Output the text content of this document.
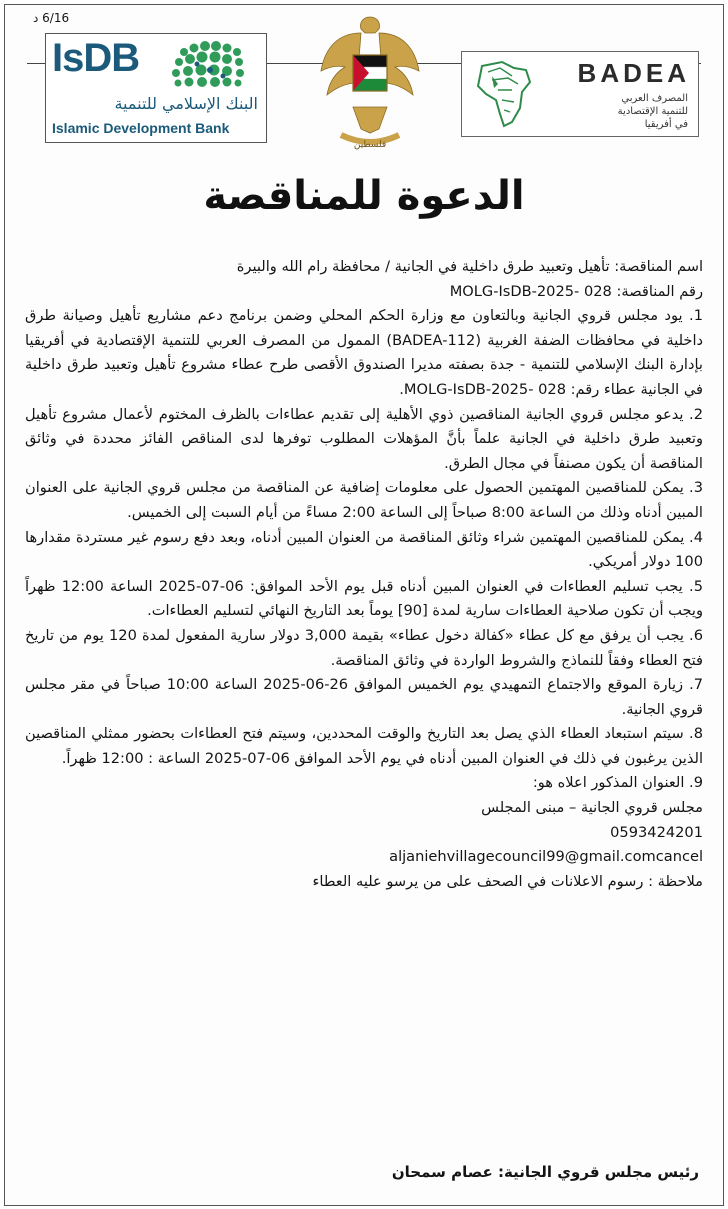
6/16 د
IsDB
البنك الإسلامي للتنمية
Islamic Development Bank
فلسطين
BADEA
المصرف العربي
للتنمية الإقتصادية
في أفريقيا
الدعوة للمناقصة

اسم المناقصة: تأهيل وتعبيد طرق داخلية في الجانية / محافظة رام الله والبيرة

رقم المناقصة: 028 -MOLG-IsDB-2025

1. يود مجلس قروي الجانية وبالتعاون مع وزارة الحكم المحلي وضمن برنامج دعم مشاريع تأهيل وصيانة طرق داخلية في محافظات الضفة الغربية (BADEA-112) الممول من المصرف العربي للتنمية الإقتصادية في أفريقيا بإدارة البنك الإسلامي للتنمية - جدة بصفته مديرا الصندوق الأقصى طرح عطاء مشروع تأهيل وتعبيد طرق داخلية في الجانية عطاء رقم: 028 -MOLG-IsDB-2025.

2. يدعو مجلس قروي الجانية المناقصين ذوي الأهلية إلى تقديم عطاءات بالظرف المختوم لأعمال مشروع تأهيل وتعبيد طرق داخلية في الجانية علماً بأنَّ المؤهلات المطلوب توفرها لدى المناقص الفائز محددة في وثائق المناقصة أن يكون مصنفاً في مجال الطرق.

3. يمكن للمناقصين المهتمين الحصول على معلومات إضافية عن المناقصة من مجلس قروي الجانية على العنوان المبين أدناه وذلك من الساعة 8:00 صباحاً إلى الساعة 2:00 مساءً من أيام السبت إلى الخميس.

4. يمكن للمناقصين المهتمين شراء وثائق المناقصة من العنوان المبين أدناه، وبعد دفع رسوم غير مستردة مقدارها 100 دولار أمريكي.

5. يجب تسليم العطاءات في العنوان المبين أدناه قبل يوم الأحد الموافق: 06-07-2025 الساعة 12:00 ظهراً ويجب أن تكون صلاحية العطاءات سارية لمدة [90] يوماً بعد التاريخ النهائي لتسليم العطاءات.

6. يجب أن يرفق مع كل عطاء «كفالة دخول عطاء» بقيمة 3,000 دولار سارية المفعول لمدة 120 يوم من تاريخ فتح العطاء وفقاً للنماذج والشروط الواردة في وثائق المناقصة.

7. زيارة الموقع والاجتماع التمهيدي يوم الخميس الموافق 26-06-2025 الساعة 10:00 صباحاً في مقر مجلس قروي الجانية.

8. سيتم استبعاد العطاء الذي يصل بعد التاريخ والوقت المحددين، وسيتم فتح العطاءات بحضور ممثلي المناقصين الذين يرغبون في ذلك في العنوان المبين أدناه في يوم الأحد الموافق 06-07-2025 الساعة : 12:00 ظهراً.

9. العنوان المذكور اعلاه هو:

مجلس قروي الجانية – مبنى المجلس

0593424201

aljaniehvillagecouncil99@gmail.comcancel

ملاحظة : رسوم الاعلانات في الصحف على من يرسو عليه العطاء

رئيس مجلس قروي الجانية: عصام سمحان
